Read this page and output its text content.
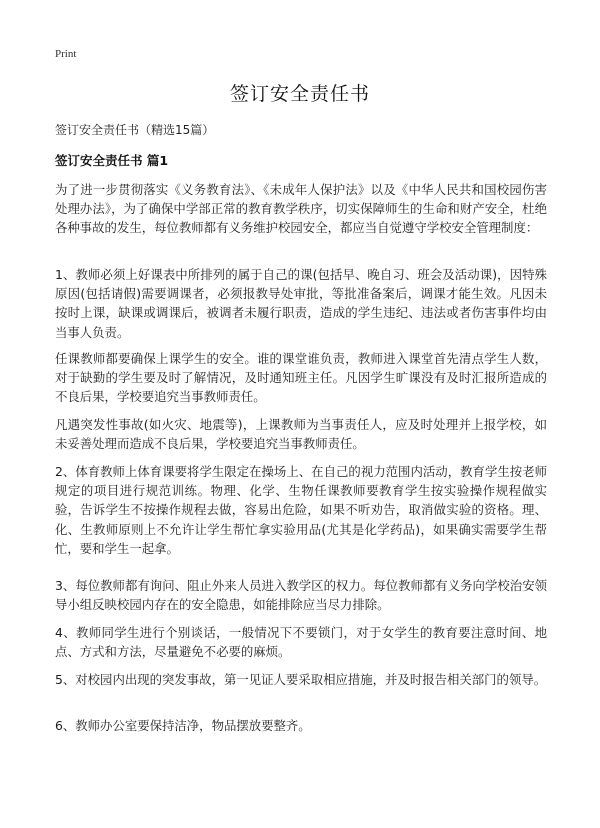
Print
签订安全责任书
签订安全责任书（精选15篇）
签订安全责任书 篇1

为了进一步贯彻落实《义务教育法》、《未成年人保护法》以及《中华人民共和国校园伤害处理办法》，为了确保中学部正常的教育教学秩序，切实保障师生的生命和财产安全，杜绝各种事故的发生，每位教师都有义务维护校园安全，都应当自觉遵守学校安全管理制度：

1、教师必须上好课表中所排列的属于自己的课(包括早、晚自习、班会及活动课)，因特殊原因(包括请假)需要调课者，必须报教导处审批，等批准备案后，调课才能生效。凡因未按时上课，缺课或调课后，被调者未履行职责，造成的学生违纪、违法或者伤害事件均由当事人负责。

任课教师都要确保上课学生的安全。谁的课堂谁负责，教师进入课堂首先清点学生人数，对于缺勤的学生要及时了解情况，及时通知班主任。凡因学生旷课没有及时汇报所造成的不良后果，学校要追究当事教师责任。

凡遇突发性事故(如火灾、地震等)，上课教师为当事责任人，应及时处理并上报学校，如未妥善处理而造成不良后果，学校要追究当事教师责任。

2、体育教师上体育课要将学生限定在操场上、在自己的视力范围内活动，教育学生按老师规定的项目进行规范训练。物理、化学、生物任课教师要教育学生按实验操作规程做实验，告诉学生不按操作规程去做，容易出危险，如果不听劝告，取消做实验的资格。理、化、生教师原则上不允许让学生帮忙拿实验用品(尤其是化学药品)，如果确实需要学生帮忙，要和学生一起拿。

3、每位教师都有询问、阻止外来人员进入教学区的权力。每位教师都有义务向学校治安领导小组反映校园内存在的安全隐患，如能排除应当尽力排除。

4、教师同学生进行个别谈话，一般情况下不要锁门，对于女学生的教育要注意时间、地点、方式和方法，尽量避免不必要的麻烦。

5、对校园内出现的突发事故，第一见证人要采取相应措施，并及时报告相关部门的领导。

6、教师办公室要保持洁净，物品摆放要整齐。
